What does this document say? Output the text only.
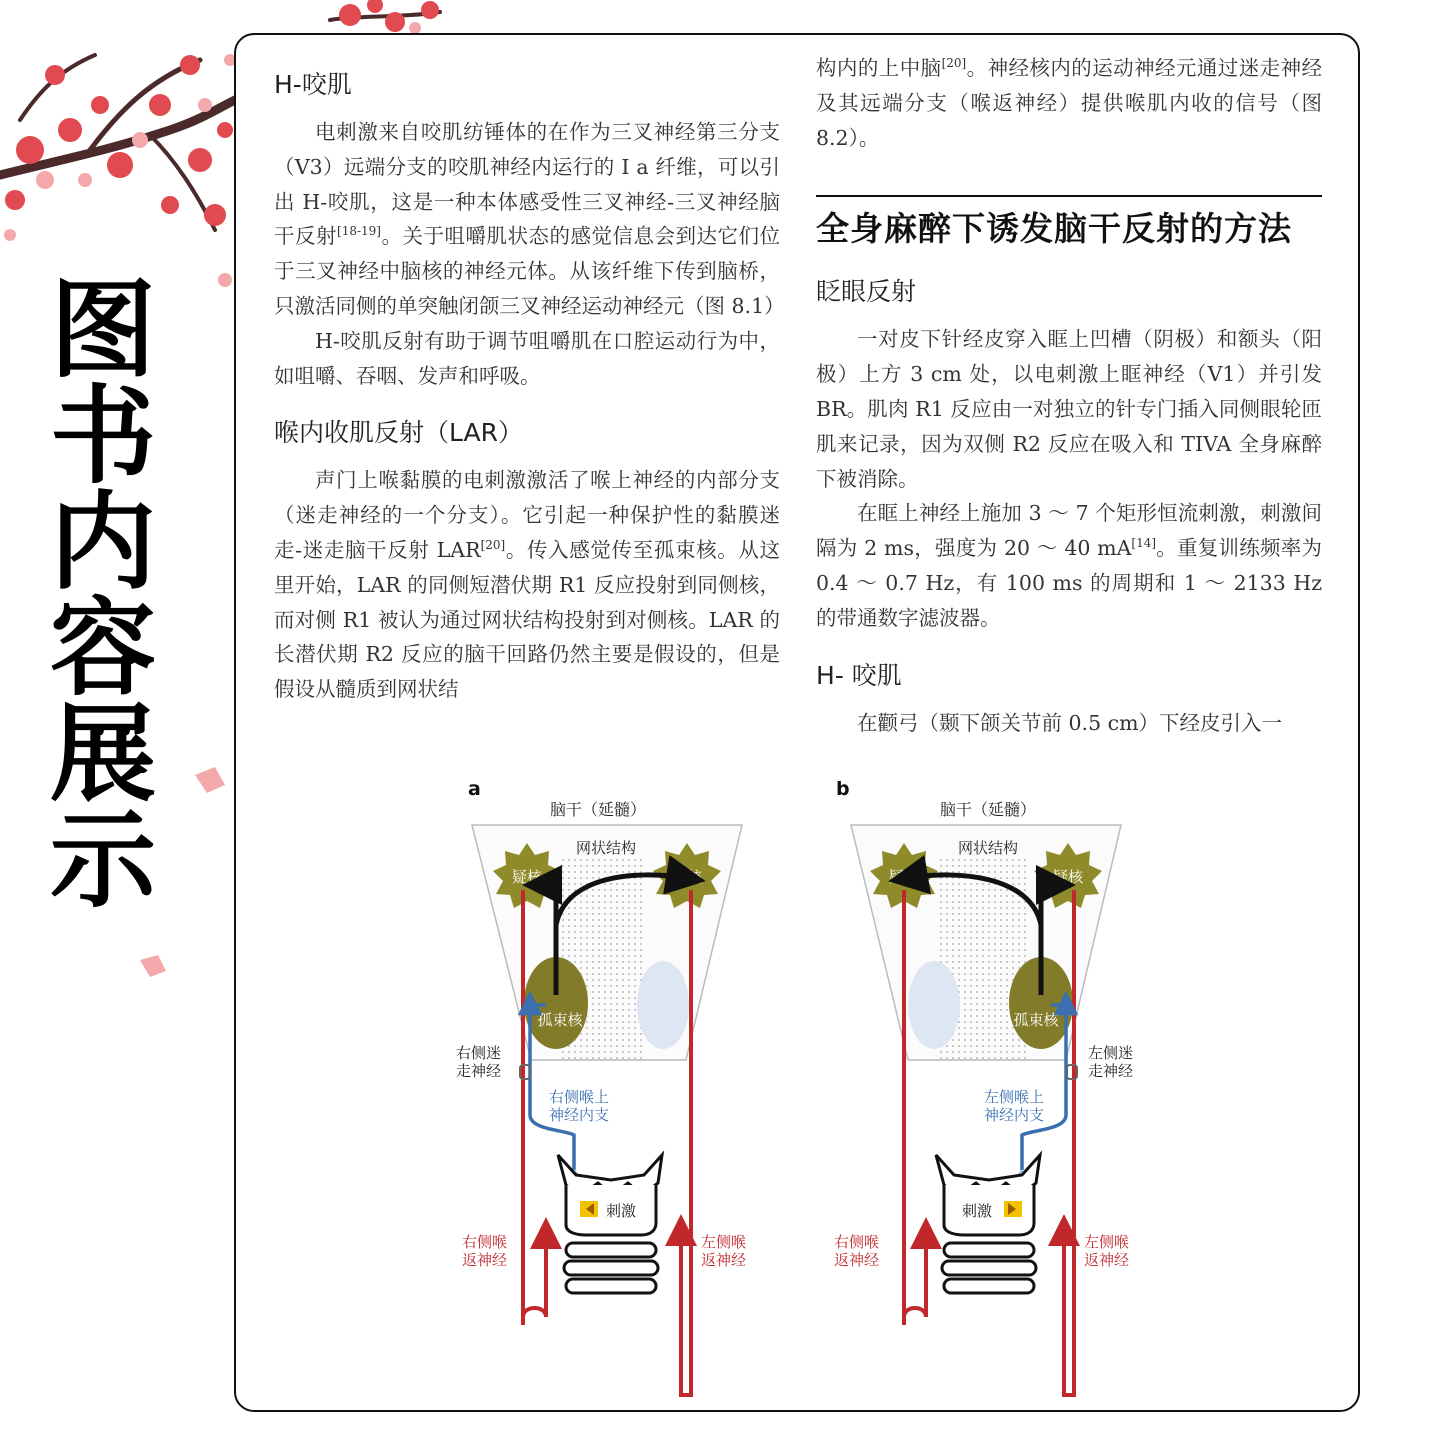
图
书
内
容
展
示
H-咬肌

电刺激来自咬肌纺锤体的在作为三叉神经第三分支（V3）远端分支的咬肌神经内运行的 I a 纤维，可以引出 H-咬肌，这是一种本体感受性三叉神经-三叉神经脑干反射[18-19]。关于咀嚼肌状态的感觉信息会到达它们位于三叉神经中脑核的神经元体。从该纤维下传到脑桥，只激活同侧的单突触闭颌三叉神经运动神经元（图 8.1）

H-咬肌反射有助于调节咀嚼肌在口腔运动行为中，如咀嚼、吞咽、发声和呼吸。

喉内收肌反射（LAR）

声门上喉黏膜的电刺激激活了喉上神经的内部分支（迷走神经的一个分支）。它引起一种保护性的黏膜迷走-迷走脑干反射 LAR[20]。传入感觉传至孤束核。从这里开始，LAR 的同侧短潜伏期 R1 反应投射到同侧核，而对侧 R1 被认为通过网状结构投射到对侧核。LAR 的长潜伏期 R2 反应的脑干回路仍然主要是假设的，但是假设从髓质到网状结

构内的上中脑[20]。神经核内的运动神经元通过迷走神经及其远端分支（喉返神经）提供喉肌内收的信号（图 8.2）。

全身麻醉下诱发脑干反射的方法
眨眼反射

一对皮下针经皮穿入眶上凹槽（阴极）和额头（阳极）上方 3 cm 处，以电刺激上眶神经（V1）并引发 BR。肌肉 R1 反应由一对独立的针专门插入同侧眼轮匝肌来记录，因为双侧 R2 反应在吸入和 TIVA 全身麻醉下被消除。

在眶上神经上施加 3 ～ 7 个矩形恒流刺激，刺激间隔为 2 ms，强度为 20 ～ 40 mA[14]。重复训练频率为 0.4 ～ 0.7 Hz，有 100 ms 的周期和 1 ～ 2133 Hz 的带通数字滤波器。

H- 咬肌

在颧弓（颞下颌关节前 0.5 cm）下经皮引入一

a
脑干（延髓）
网状结构
孤束核
疑核	疑核
右侧迷
走神经
右侧喉上
神经内支
刺激
右侧喉
返神经
左侧喉
返神经
b
脑干（延髓）
网状结构
孤束核
疑核	疑核
左侧迷
走神经
左侧喉上
神经内支
刺激
右侧喉
返神经
左侧喉
返神经
